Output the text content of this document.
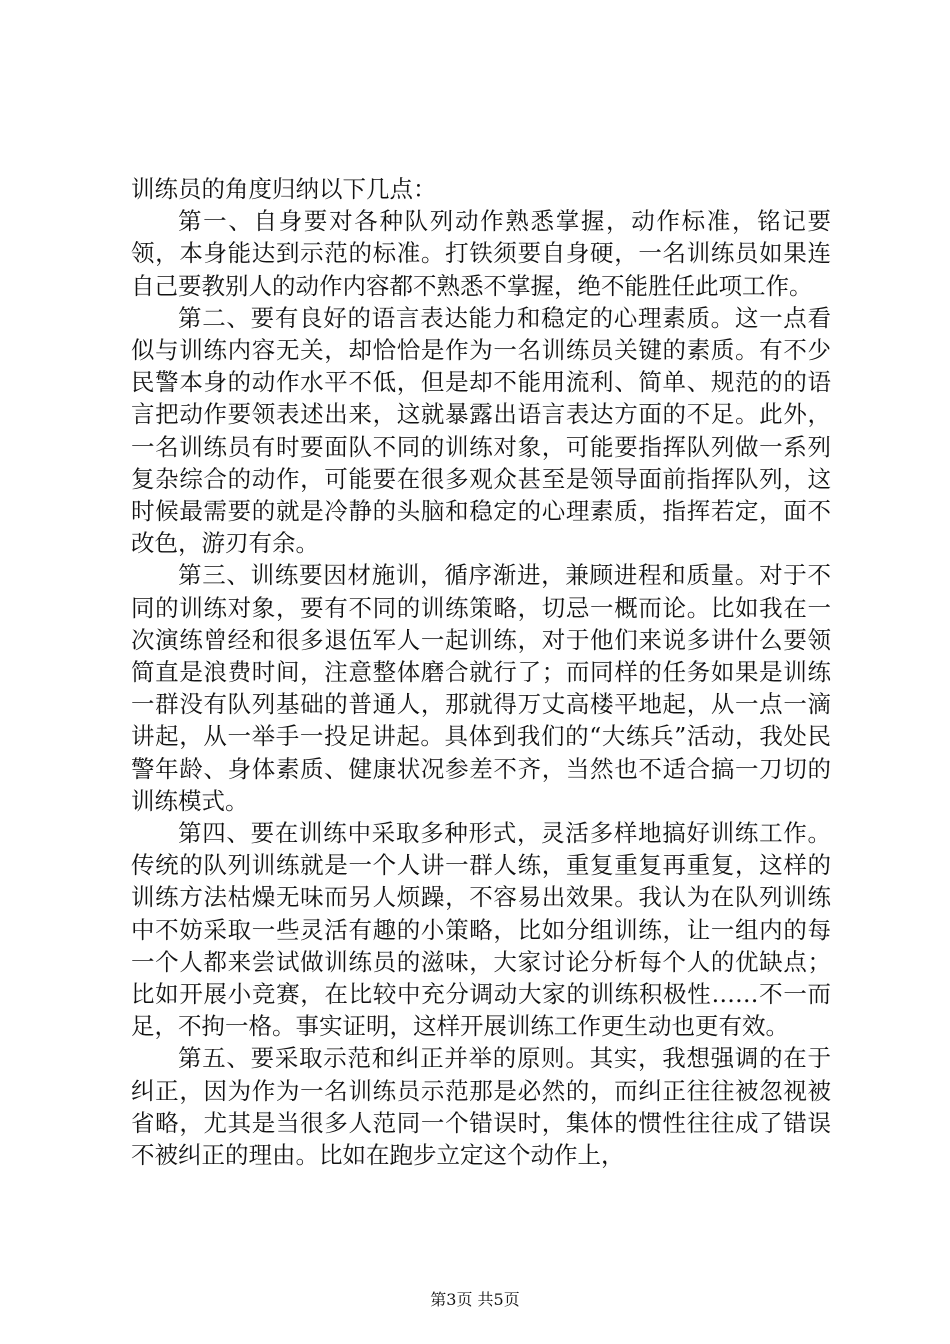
训练员的角度归纳以下几点：

第一、自身要对各种队列动作熟悉掌握，动作标准，铭记要领，本身能达到示范的标准。打铁须要自身硬，一名训练员如果连自己要教别人的动作内容都不熟悉不掌握，绝不能胜任此项工作。

第二、要有良好的语言表达能力和稳定的心理素质。这一点看似与训练内容无关，却恰恰是作为一名训练员关键的素质。有不少民警本身的动作水平不低，但是却不能用流利、简单、规范的的语言把动作要领表述出来，这就暴露出语言表达方面的不足。此外，一名训练员有时要面队不同的训练对象，可能要指挥队列做一系列复杂综合的动作，可能要在很多观众甚至是领导面前指挥队列，这时候最需要的就是冷静的头脑和稳定的心理素质，指挥若定，面不改色，游刃有余。

第三、训练要因材施训，循序渐进，兼顾进程和质量。对于不同的训练对象，要有不同的训练策略，切忌一概而论。比如我在一次演练曾经和很多退伍军人一起训练，对于他们来说多讲什么要领简直是浪费时间，注意整体磨合就行了；而同样的任务如果是训练一群没有队列基础的普通人，那就得万丈高楼平地起，从一点一滴讲起，从一举手一投足讲起。具体到我们的“大练兵”活动，我处民警年龄、身体素质、健康状况参差不齐，当然也不适合搞一刀切的训练模式。

第四、要在训练中采取多种形式，灵活多样地搞好训练工作。传统的队列训练就是一个人讲一群人练，重复重复再重复，这样的训练方法枯燥无味而另人烦躁，不容易出效果。我认为在队列训练中不妨采取一些灵活有趣的小策略，比如分组训练，让一组内的每一个人都来尝试做训练员的滋味，大家讨论分析每个人的优缺点；比如开展小竞赛，在比较中充分调动大家的训练积极性……不一而足，不拘一格。事实证明，这样开展训练工作更生动也更有效。

第五、要采取示范和纠正并举的原则。其实，我想强调的在于纠正，因为作为一名训练员示范那是必然的，而纠正往往被忽视被省略，尤其是当很多人范同一个错误时，集体的惯性往往成了错误不被纠正的理由。比如在跑步立定这个动作上，

第3页 共5页
